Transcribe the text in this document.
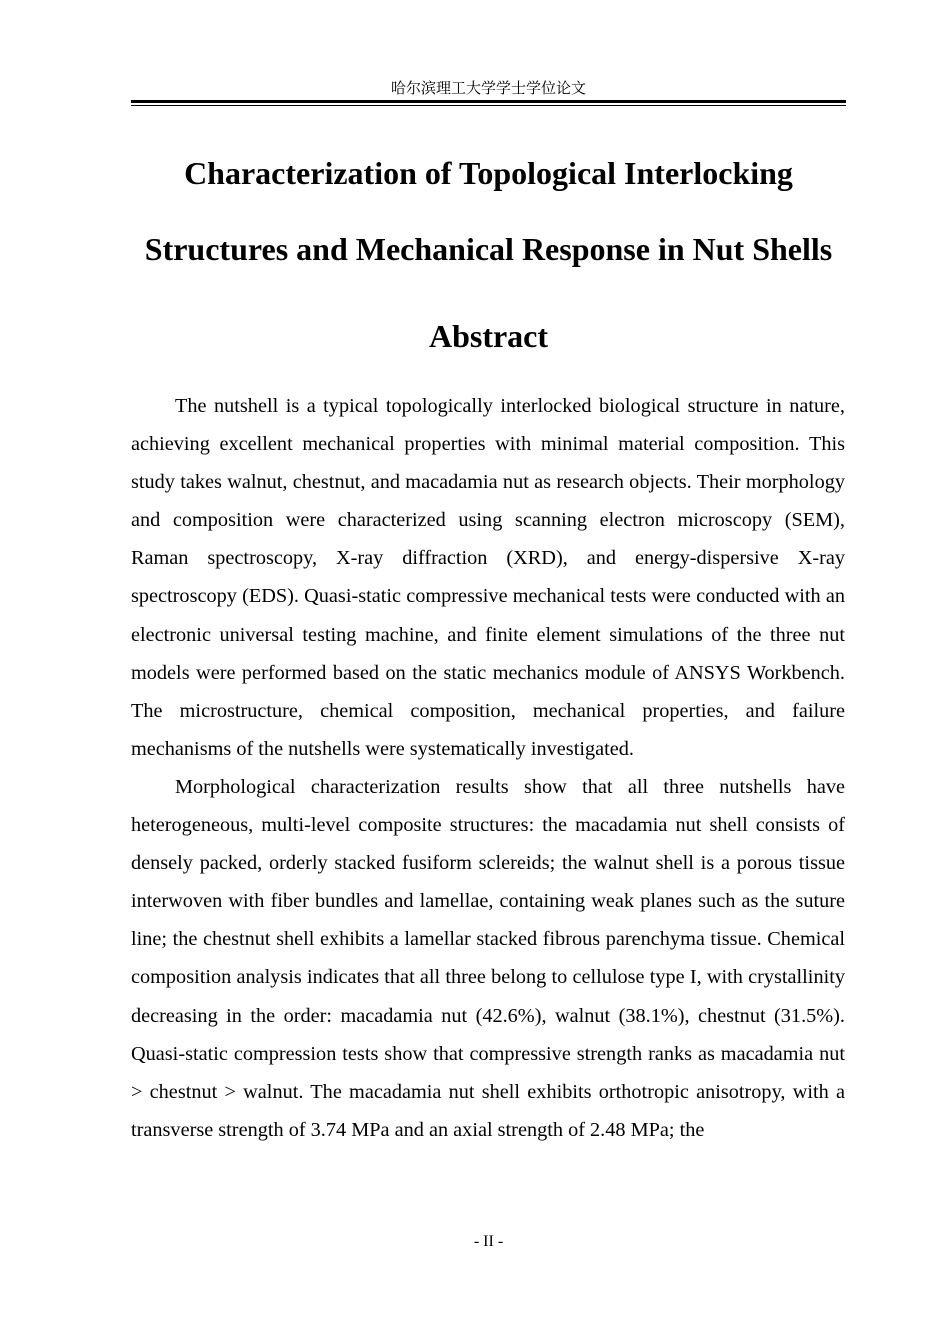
哈尔滨理工大学学士学位论文
Characterization of Topological Interlocking
Structures and Mechanical Response in Nut Shells
Abstract

The nutshell is a typical topologically interlocked biological structure in nature, achieving excellent mechanical properties with minimal material composition. This study takes walnut, chestnut, and macadamia nut as research objects. Their morphology and composition were characterized using scanning electron microscopy (SEM), Raman spectroscopy, X-ray diffraction (XRD), and energy-dispersive X-ray spectroscopy (EDS). Quasi-static compressive mechanical tests were conducted with an electronic universal testing machine, and finite element simulations of the three nut models were performed based on the static mechanics module of ANSYS Workbench. The microstructure, chemical composition, mechanical properties, and failure mechanisms of the nutshells were systematically investigated.

Morphological characterization results show that all three nutshells have heterogeneous, multi-level composite structures: the macadamia nut shell consists of densely packed, orderly stacked fusiform sclereids; the walnut shell is a porous tissue interwoven with fiber bundles and lamellae, containing weak planes such as the suture line; the chestnut shell exhibits a lamellar stacked fibrous parenchyma tissue. Chemical composition analysis indicates that all three belong to cellulose type I, with crystallinity decreasing in the order: macadamia nut (42.6%), walnut (38.1%), chestnut (31.5%). Quasi-static compression tests show that compressive strength ranks as macadamia nut > chestnut > walnut. The macadamia nut shell exhibits orthotropic anisotropy, with a transverse strength of 3.74 MPa and an axial strength of 2.48 MPa; the

- II -
